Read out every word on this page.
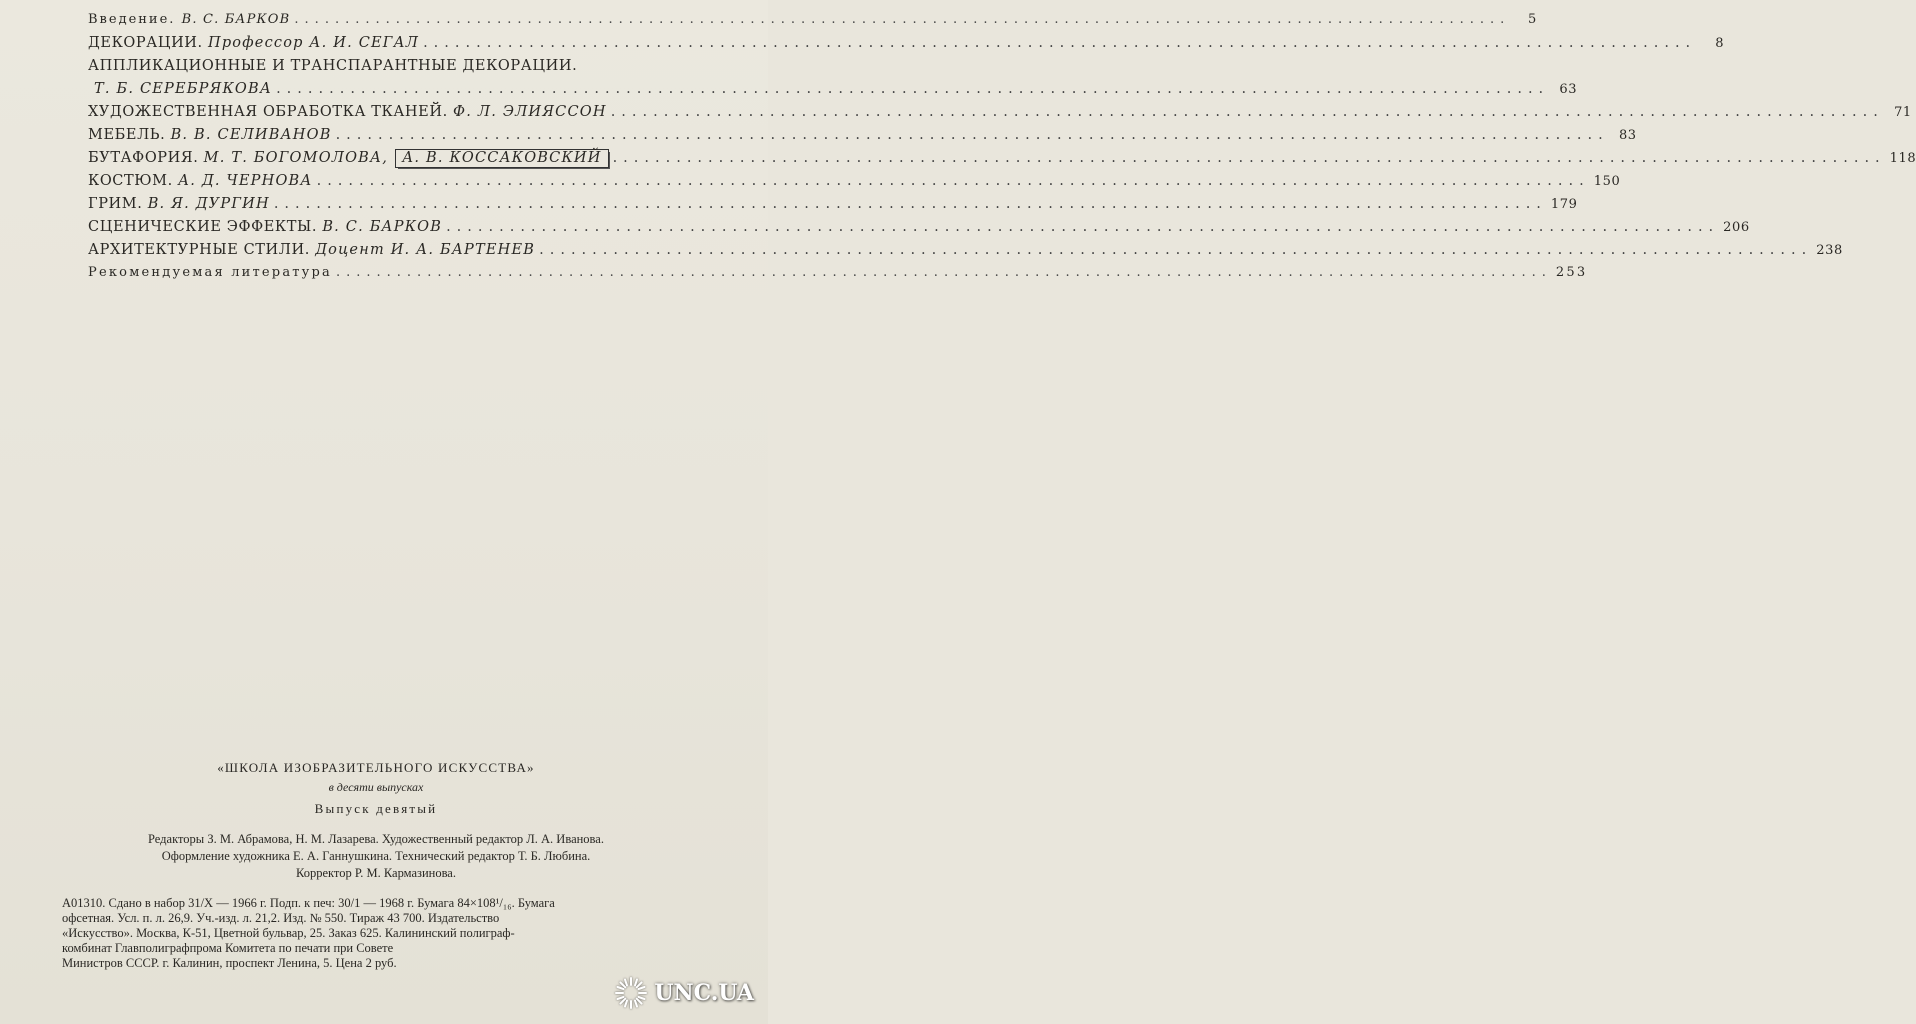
Введение. В. С. БАРКОВ ........................................................................................................................	5
ДЕКОРАЦИИ. Профессор А. И. СЕГАЛ ........................................................................................................................	8
АППЛИКАЦИОННЫЕ И ТРАНСПАРАНТНЫЕ ДЕКОРАЦИИ.
Т. Б. СЕРЕБРЯКОВА ........................................................................................................................ 63
ХУДОЖЕСТВЕННАЯ ОБРАБОТКА ТКАНЕЙ. Ф. Л. ЭЛИЯССОН ........................................................................................................................ 71
МЕБЕЛЬ. В. В. СЕЛИВАНОВ ........................................................................................................................ 83
БУТАФОРИЯ. М. Т. БОГОМОЛОВА, А. В. КОССАКОВСКИЙ ........................................................................................................................ 118
КОСТЮМ. А. Д. ЧЕРНОВА ........................................................................................................................ 150
ГРИМ. В. Я. ДУРГИН ........................................................................................................................ 179
СЦЕНИЧЕСКИЕ ЭФФЕКТЫ. В. С. БАРКОВ ........................................................................................................................ 206
АРХИТЕКТУРНЫЕ СТИЛИ. Доцент И. А. БАРТЕНЕВ ........................................................................................................................ 238
Рекомендуемая литература ........................................................................................................................ 253

«ШКОЛА ИЗОБРАЗИТЕЛЬНОГО ИСКУССТВА»

в десяти выпусках

Выпуск девятый

Редакторы З. М. Абрамова, Н. М. Лазарева. Художественный редактор Л. А. Иванова.

Оформление художника Е. А. Ганнушкина. Технический редактор Т. Б. Любина.

Корректор Р. М. Кармазинова.

А01310. Сдано в набор 31/X — 1966 г. Подп. к печ: 30/1 — 1968 г. Бумага 84×108¹/₁₆. Бумага

офсетная. Усл. п. л. 26,9. Уч.-изд. л. 21,2. Изд. № 550. Тираж 43 700. Издательство

«Искусство». Москва, К-51, Цветной бульвар, 25. Заказ 625. Калининский полиграф-

комбинат Главполиграфпрома Комитета по печати при Совете

Министров СССР. г. Калинин, проспект Ленина, 5. Цена 2 руб.

UNC.UA
